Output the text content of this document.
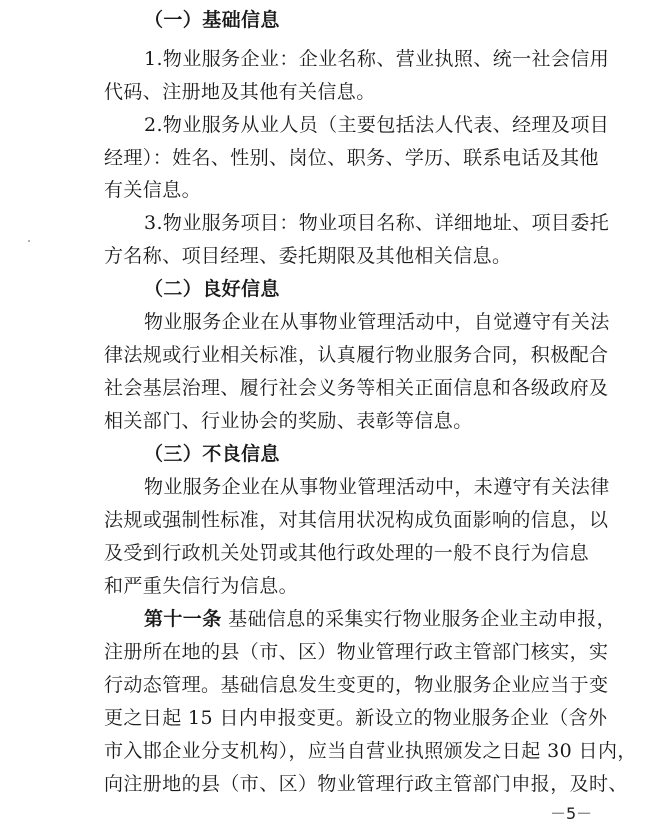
（一）基础信息
1.物业服务企业：企业名称、营业执照、统一社会信用
代码、注册地及其他有关信息。
2.物业服务从业人员（主要包括法人代表、经理及项目
经理）：姓名、性别、岗位、职务、学历、联系电话及其他
有关信息。
3.物业服务项目：物业项目名称、详细地址、项目委托
方名称、项目经理、委托期限及其他相关信息。
（二）良好信息
物业服务企业在从事物业管理活动中，自觉遵守有关法
律法规或行业相关标准，认真履行物业服务合同，积极配合
社会基层治理、履行社会义务等相关正面信息和各级政府及
相关部门、行业协会的奖励、表彰等信息。
（三）不良信息
物业服务企业在从事物业管理活动中，未遵守有关法律
法规或强制性标准，对其信用状况构成负面影响的信息，以
及受到行政机关处罚或其他行政处理的一般不良行为信息
和严重失信行为信息。
第十一条 基础信息的采集实行物业服务企业主动申报，
注册所在地的县（市、区）物业管理行政主管部门核实，实
行动态管理。基础信息发生变更的，物业服务企业应当于变
更之日起 15 日内申报变更。新设立的物业服务企业（含外
市入邯企业分支机构），应当自营业执照颁发之日起 30 日内，
向注册地的县（市、区）物业管理行政主管部门申报，及时、
－5－
